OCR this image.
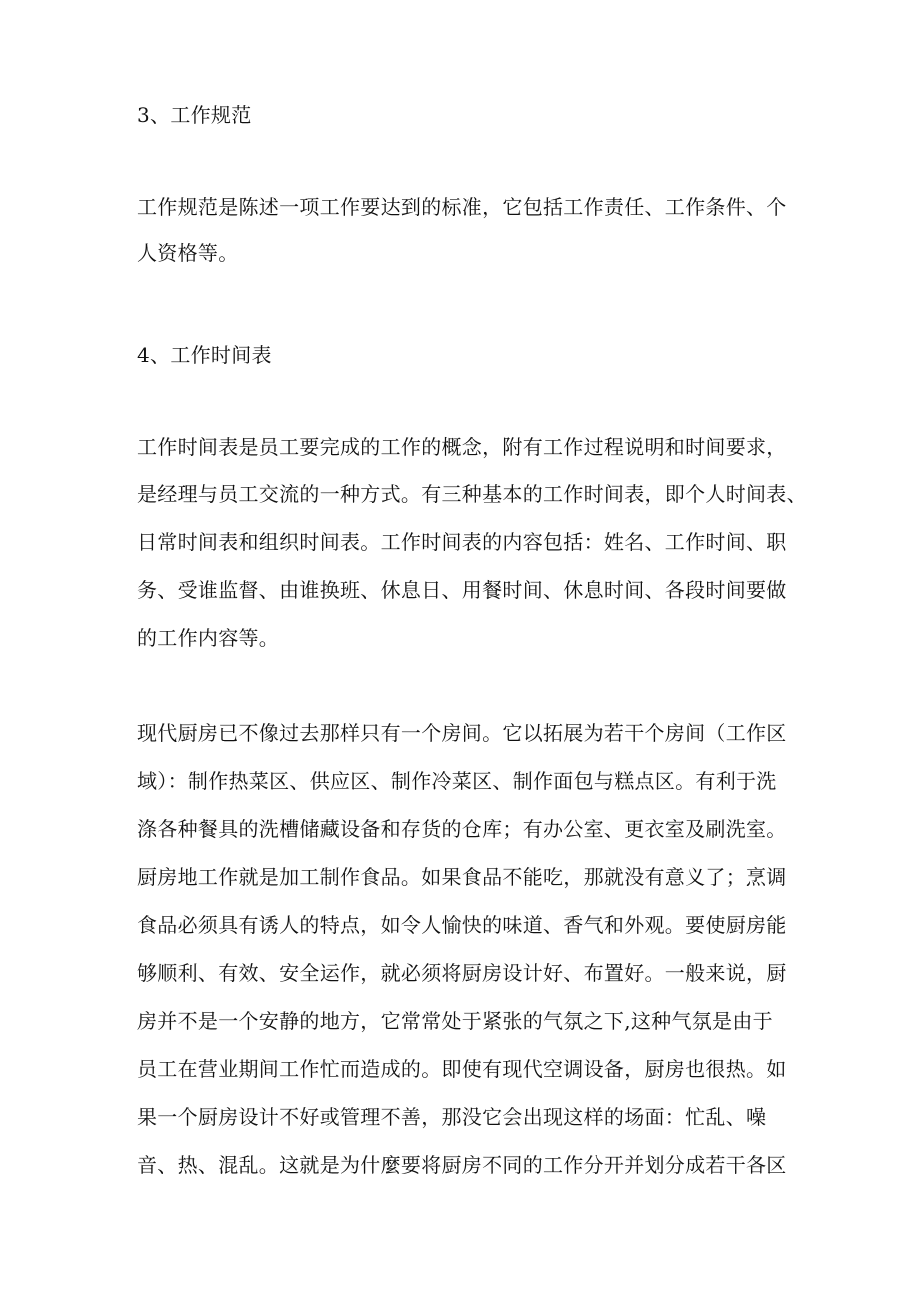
3、工作规范
工作规范是陈述一项工作要达到的标准，它包括工作责任、工作条件、个
人资格等。
4、工作时间表
工作时间表是员工要完成的工作的概念，附有工作过程说明和时间要求，
是经理与员工交流的一种方式。有三种基本的工作时间表，即个人时间表、
日常时间表和组织时间表。工作时间表的内容包括：姓名、工作时间、职
务、受谁监督、由谁换班、休息日、用餐时间、休息时间、各段时间要做
的工作内容等。
现代厨房已不像过去那样只有一个房间。它以拓展为若干个房间（工作区
域）：制作热菜区、供应区、制作冷菜区、制作面包与糕点区。有利于洗
涤各种餐具的洗槽储藏设备和存货的仓库；有办公室、更衣室及刷洗室。
厨房地工作就是加工制作食品。如果食品不能吃，那就没有意义了；烹调
食品必须具有诱人的特点，如令人愉快的味道、香气和外观。要使厨房能
够顺利、有效、安全运作，就必须将厨房设计好、布置好。一般来说，厨
房并不是一个安静的地方，它常常处于紧张的气氛之下,这种气氛是由于
员工在营业期间工作忙而造成的。即使有现代空调设备，厨房也很热。如
果一个厨房设计不好或管理不善，那没它会出现这样的场面：忙乱、噪
音、热、混乱。这就是为什麼要将厨房不同的工作分开并划分成若干各区
